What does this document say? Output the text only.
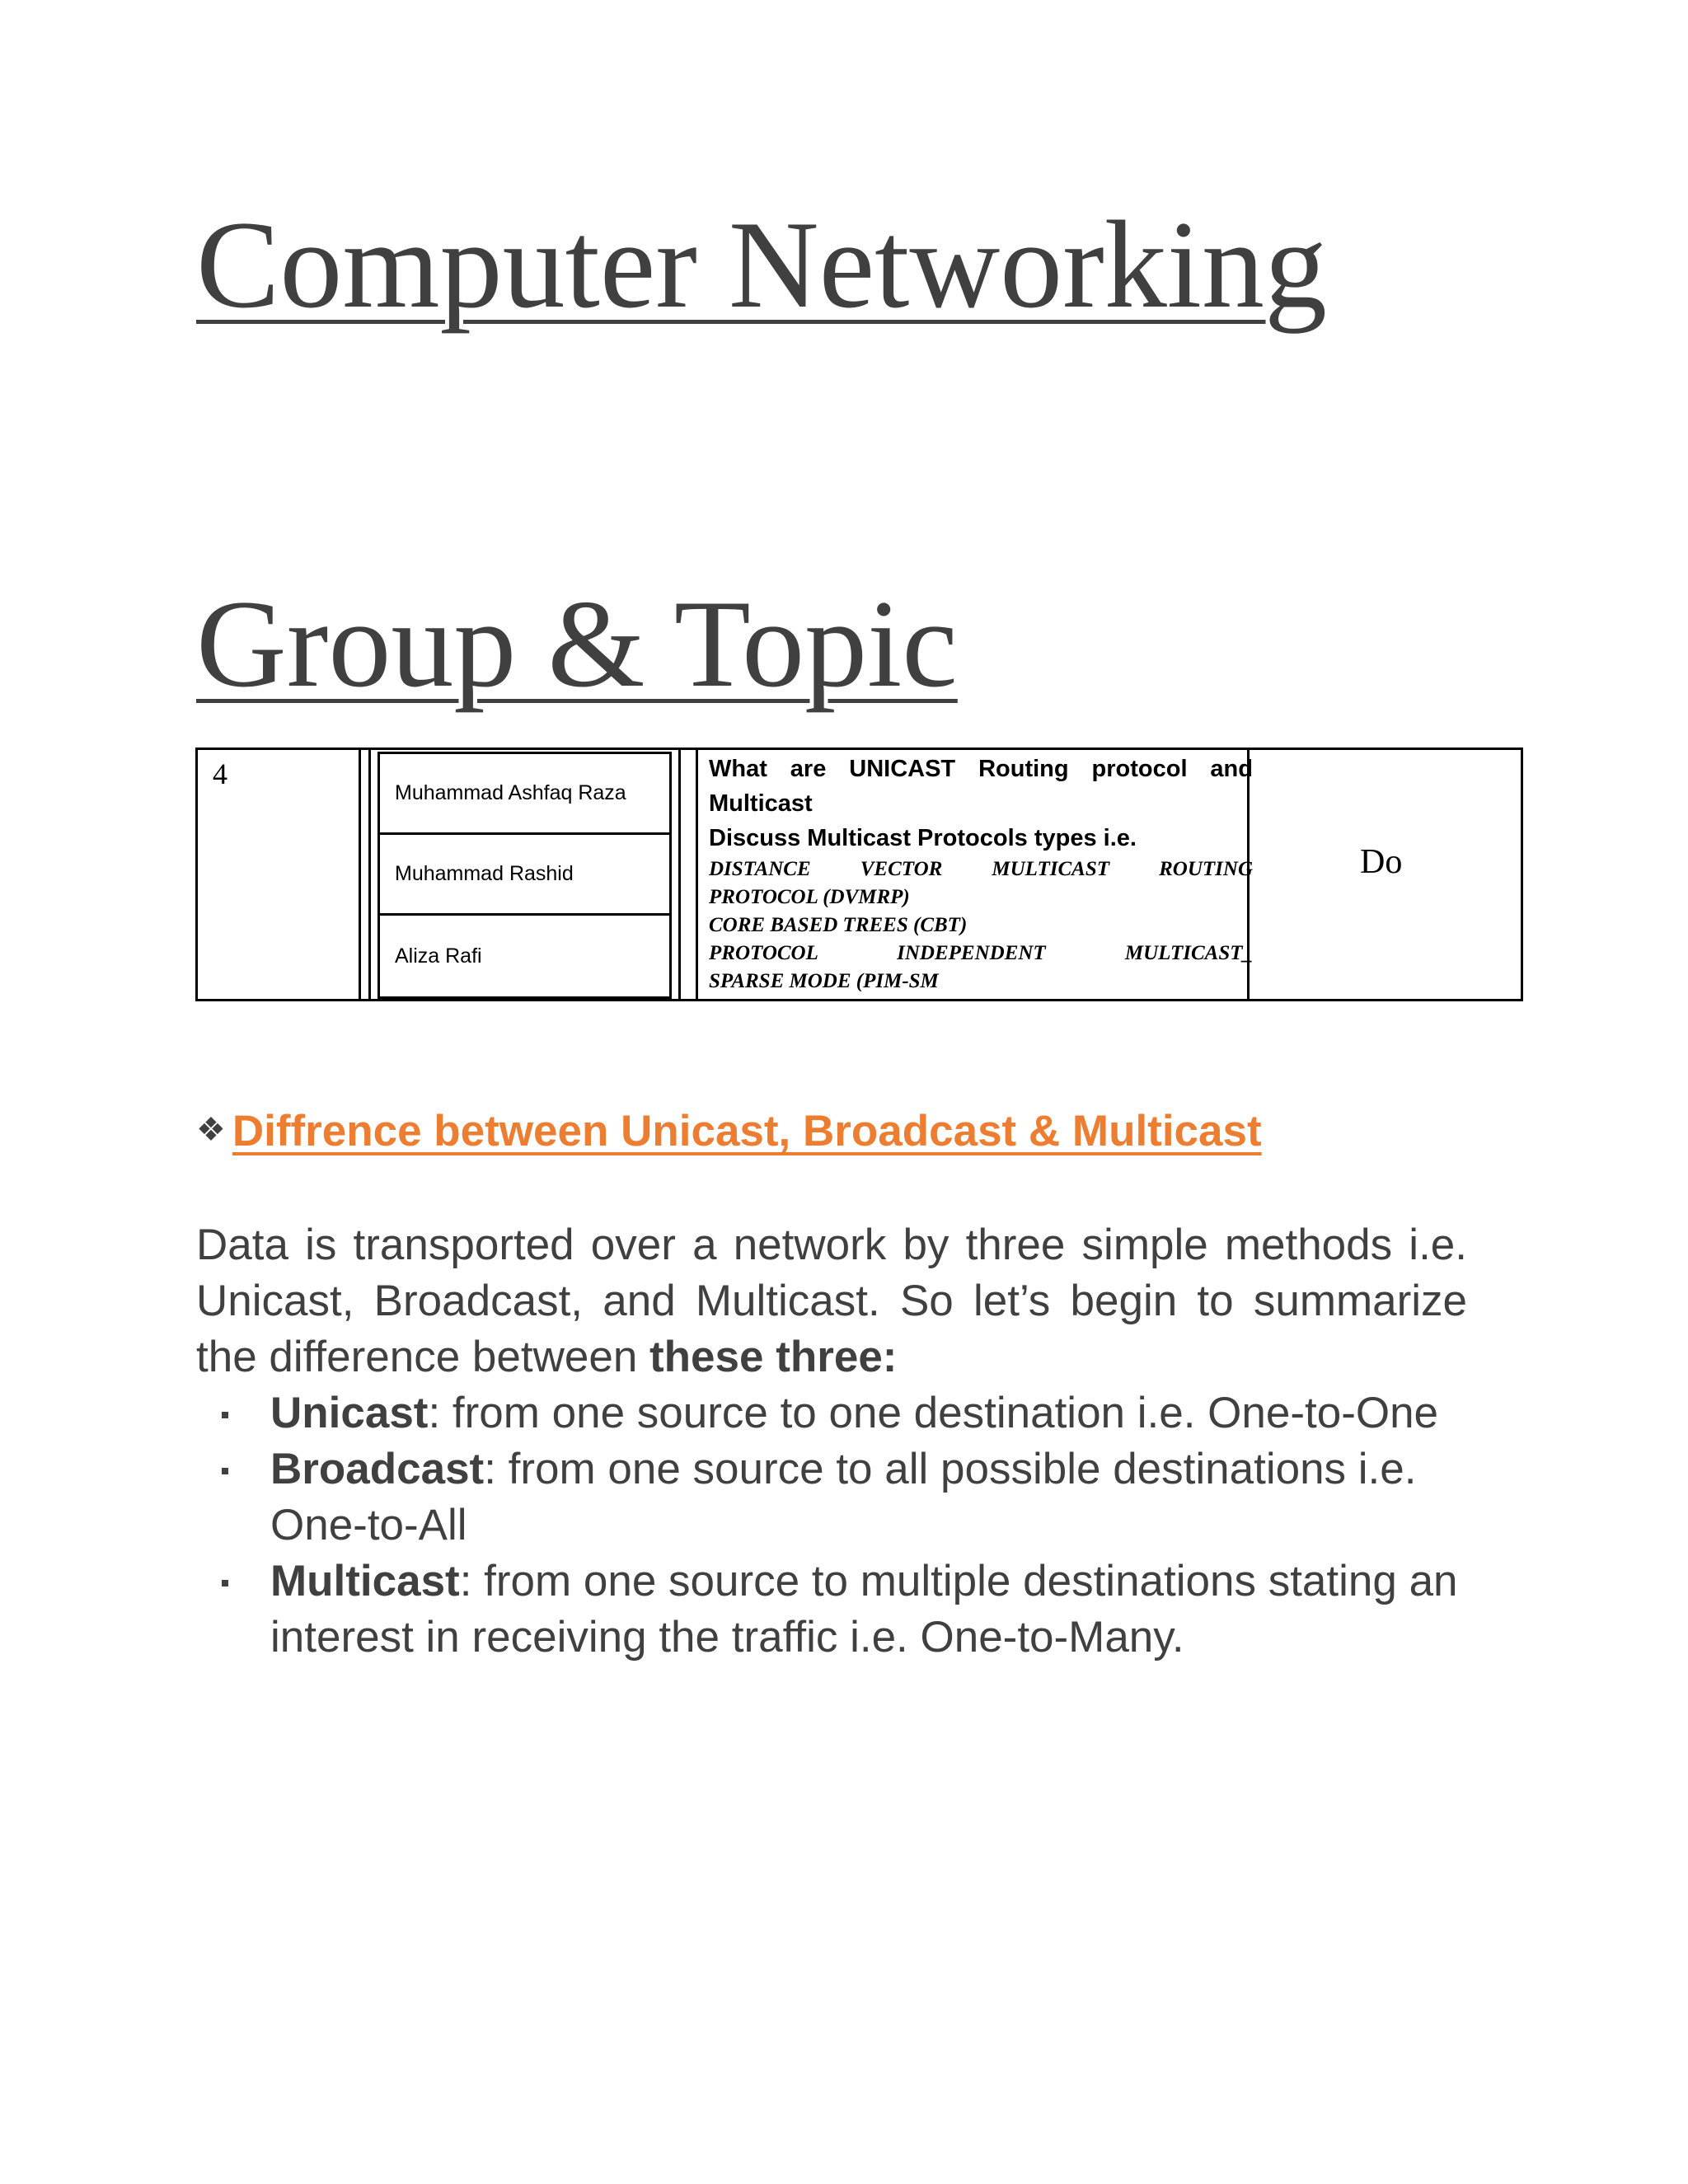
Computer Networking
Group & Topic
4
Muhammad Ashfaq Raza
Muhammad Rashid
Aliza Rafi
What are UNICAST Routing protocol and
Multicast
Discuss Multicast Protocols types i.e.
DISTANCE VECTOR MULTICAST ROUTING
PROTOCOL (DVMRP)
CORE BASED TREES (CBT)
PROTOCOL INDEPENDENT MULTICAST_
SPARSE MODE (PIM-SM
Do
❖ Diffrence between Unicast, Broadcast & Multicast

Data is transported over a network by three simple methods i.e. Unicast, Broadcast, and Multicast. So let’s begin to summarize the difference between these three:

Unicast: from one source to one destination i.e. One-to-One
Broadcast: from one source to all possible destinations i.e. One-to-All
Multicast: from one source to multiple destinations stating an interest in receiving the traffic i.e. One-to-Many.
